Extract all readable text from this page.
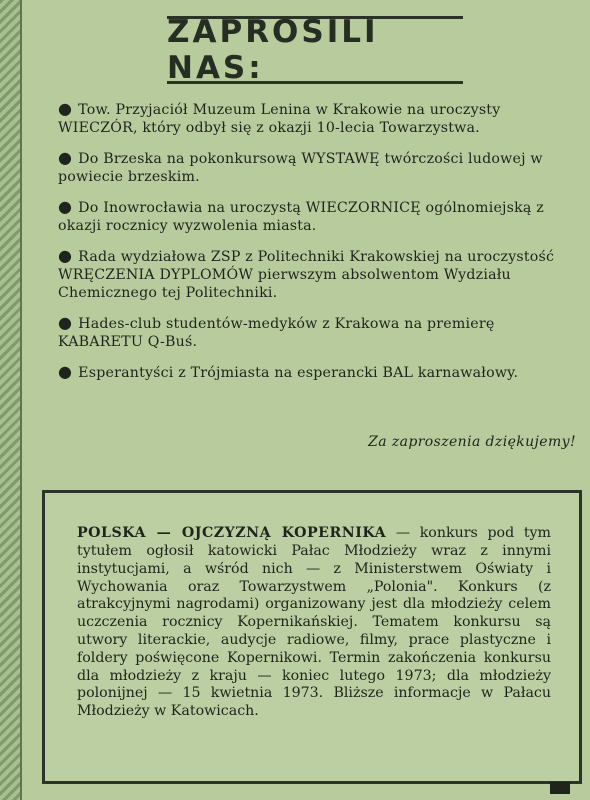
ZAPROSILI NAS:

● Tow. Przyjaciół Muzeum Lenina w Krakowie na uroczysty WIECZÓR, który odbył się z okazji 10-lecia Towarzystwa.

● Do Brzeska na pokonkursową WYSTAWĘ twórczości ludowej w powiecie brzeskim.

● Do Inowrocławia na uroczystą WIECZORNICĘ ogólnomiejską z okazji rocznicy wyzwolenia miasta.

● Rada wydziałowa ZSP z Politechniki Krakowskiej na uroczystość WRĘCZENIA DYPLOMÓW pierwszym absolwentom Wydziału Chemicznego tej Politechniki.

● Hades-club studentów-medyków z Krakowa na premierę KABARETU Q-Buś.

● Esperantyści z Trójmiasta na esperancki BAL karnawałowy.

Za zaproszenia dziękujemy!

POLSKA — OJCZYZNĄ KOPERNIKA — konkurs pod tym tytułem ogłosił katowicki Pałac Młodzieży wraz z innymi instytucjami, a wśród nich — z Ministerstwem Oświaty i Wychowania oraz Towarzystwem „Polonia". Konkurs (z atrakcyjnymi nagrodami) organizowany jest dla młodzieży celem uczczenia rocznicy Kopernikańskiej. Tematem konkursu są utwory literackie, audycje radiowe, filmy, prace plastyczne i foldery poświęcone Kopernikowi. Termin zakończenia konkursu dla młodzieży z kraju — koniec lutego 1973; dla młodzieży polonijnej — 15 kwietnia 1973. Bliższe informacje w Pałacu Młodzieży w Katowicach.
